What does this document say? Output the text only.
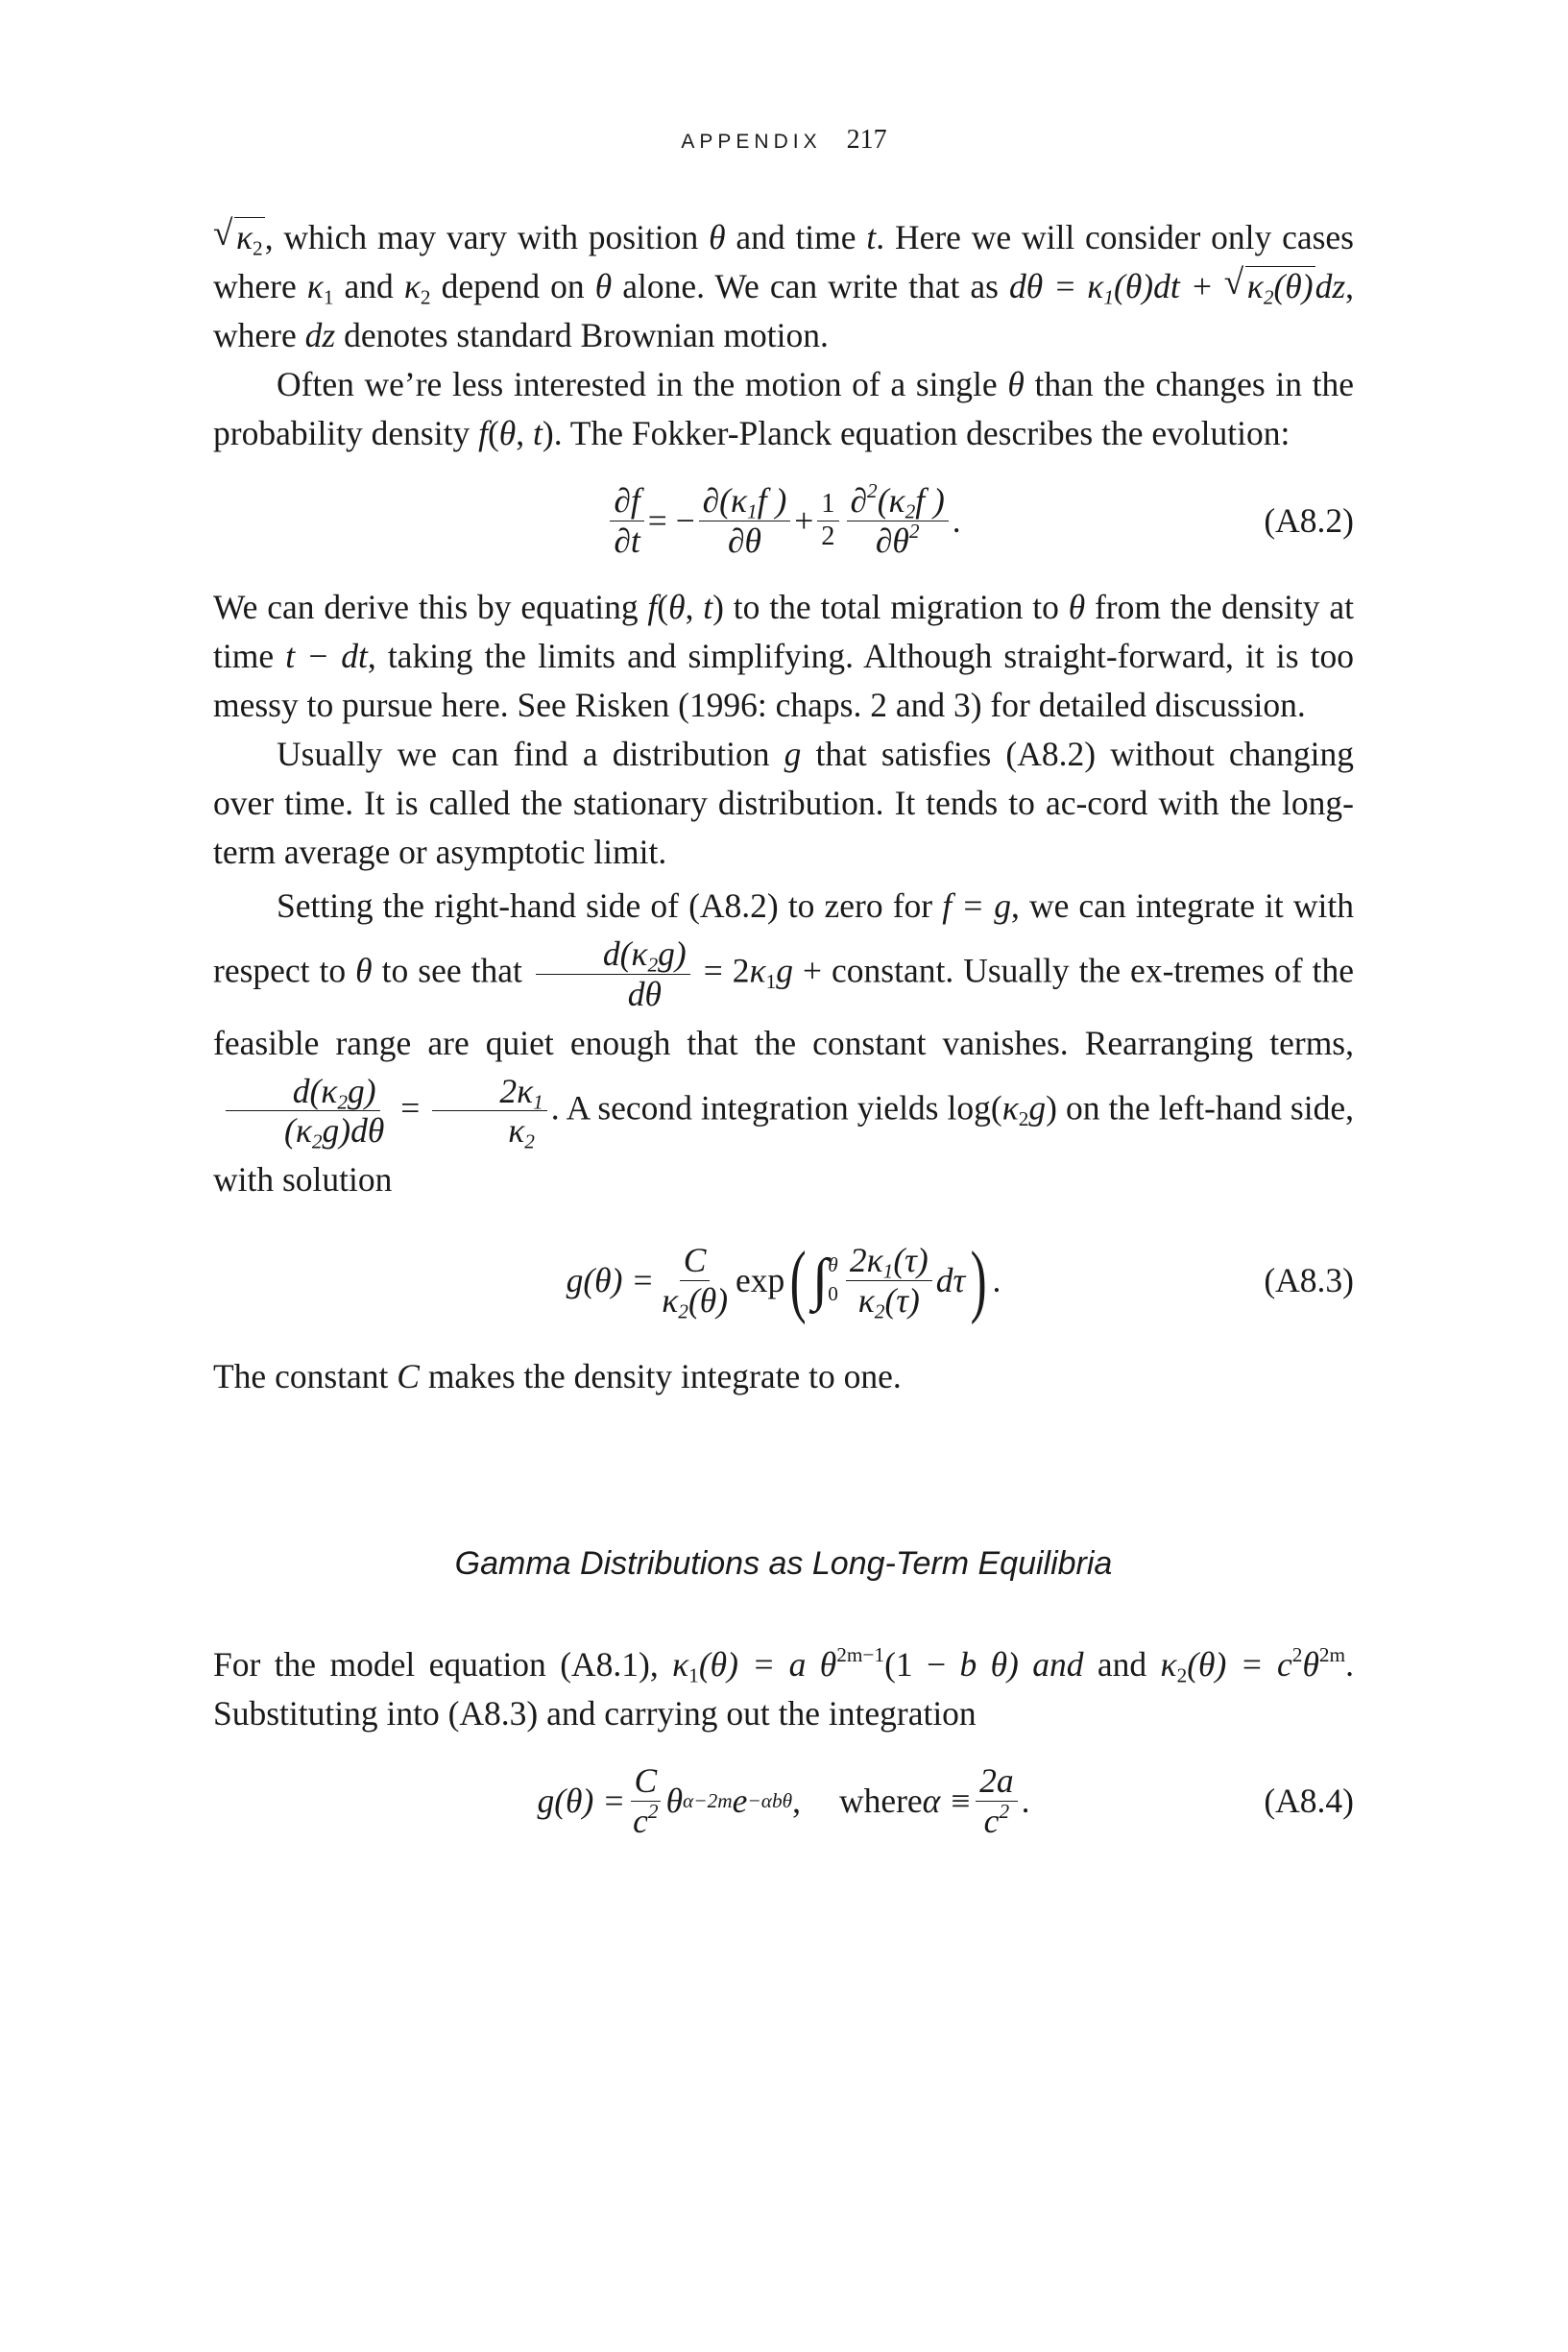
APPENDIX 217

√ $\kappa_2$, which may vary with position θ and time t. Here we will consider only cases where $\kappa_1$ and $\kappa_2$ depend on θ alone. We can write that as $d\theta = \kappa_1(\theta)dt$ + √ $\kappa_2(\theta)dz$, where dz denotes standard Brownian motion.

Often we’re less interested in the motion of a single θ than the changes in the probability density f(θ, t). The Fokker-Planck equation describes the evolution:

$\frac{\partial f}{\partial t}$ = − $\frac{\partial(\kappa_1f )}{\partial\theta} + \frac{1}{2} \frac{\partial^2(\kappa_2f )}{\partial\theta^2}$ .	(A8.2)

We can derive this by equating f(θ, t) to the total migration to θ from the density at time t − dt, taking the limits and simplifying. Although straight-forward, it is too messy to pursue here. See Risken (1996: chaps. 2 and 3) for detailed discussion.

Usually we can find a distribution g that satisfies (A8.2) without changing over time. It is called the stationary distribution. It tends to ac-cord with the long-term average or asymptotic limit.

Setting the right-hand side of (A8.2) to zero for f = g, we can integrate it with respect to θ to see that $\frac{d(\kappa_2g)}{d\theta} = 2\kappa_1g$ + constant. Usually the ex-tremes of the feasible range are quiet enough that the constant vanishes. Rearranging terms,
$\frac{d(\kappa_2g)}{(\kappa_2g)d\theta} = \frac{2\kappa_1}{\kappa_2}$ . A second integration yields $\log(\kappa_2g)$ on the left-hand side, with solution

$g(\theta) = \frac{C}{\kappa_2(\theta)}$ exp ( ∫ θ
$0 \frac{2\kappa_1(\tau)}{\kappa_2(\tau)}$ dτ ) .	(A8.3)

The constant C makes the density integrate to one.

Gamma Distributions as Long-Term Equilibria

For the model equation (A8.1), $\kappa_1(\theta) = a$ $\theta^{2m-1}(1 - b$ θ) and and $\kappa_2(\theta) = c^2\theta^{2m}$. Substituting into (A8.3) and carrying out the integration

$g(\theta) = \frac{C}{c^2}$ θ α−2m e −αbθ , where $\alpha \equiv \frac{2a}{c^2}$ .	(A8.4)
